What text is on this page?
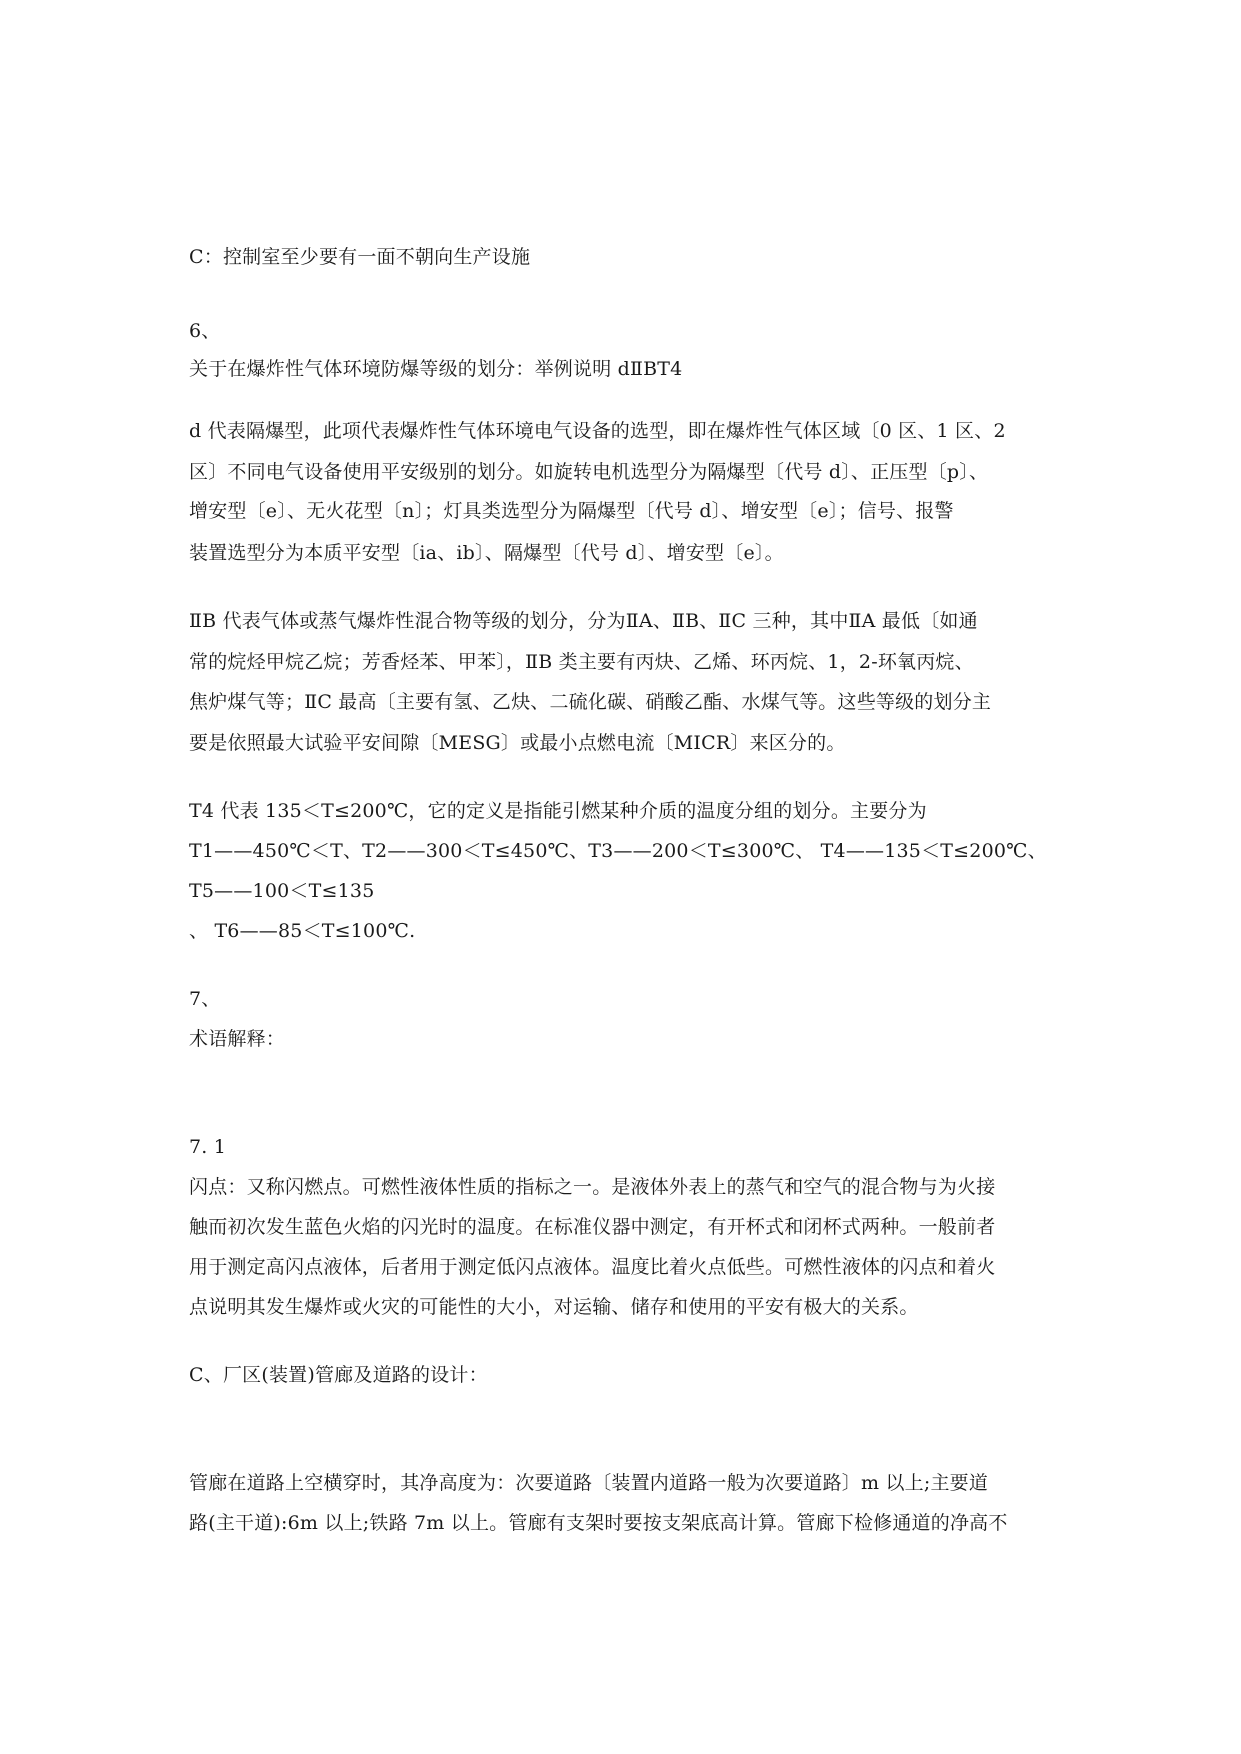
C：控制室至少要有一面不朝向生产设施
6、
关于在爆炸性气体环境防爆等级的划分：举例说明 dⅡBT4
d 代表隔爆型，此项代表爆炸性气体环境电气设备的选型，即在爆炸性气体区域〔0 区、1 区、2
区〕不同电气设备使用平安级别的划分。如旋转电机选型分为隔爆型〔代号 d〕、正压型〔p〕、
增安型〔e〕、无火花型〔n〕；灯具类选型分为隔爆型〔代号 d〕、增安型〔e〕；信号、报警
装置选型分为本质平安型〔ia、ib〕、隔爆型〔代号 d〕、增安型〔e〕。
ⅡB 代表气体或蒸气爆炸性混合物等级的划分，分为ⅡA、ⅡB、ⅡC 三种，其中ⅡA 最低〔如通
常的烷烃甲烷乙烷；芳香烃苯、甲苯〕，ⅡB 类主要有丙炔、乙烯、环丙烷、1，2-环氧丙烷、
焦炉煤气等；ⅡC 最高〔主要有氢、乙炔、二硫化碳、硝酸乙酯、水煤气等。这些等级的划分主
要是依照最大试验平安间隙〔MESG〕或最小点燃电流〔MICR〕来区分的。
T4 代表 135＜T≤200℃，它的定义是指能引燃某种介质的温度分组的划分。主要分为
T1——450℃＜T、T2——300＜T≤450℃、T3——200＜T≤300℃、 T4——135＜T≤200℃、
T5——100＜T≤135
、 T6——85＜T≤100℃.
7、
术语解释：
7. 1
闪点：又称闪燃点。可燃性液体性质的指标之一。是液体外表上的蒸气和空气的混合物与为火接
触而初次发生蓝色火焰的闪光时的温度。在标准仪器中测定，有开杯式和闭杯式两种。一般前者
用于测定高闪点液体，后者用于测定低闪点液体。温度比着火点低些。可燃性液体的闪点和着火
点说明其发生爆炸或火灾的可能性的大小，对运输、储存和使用的平安有极大的关系。
C、厂区(装置)管廊及道路的设计：
管廊在道路上空横穿时，其净高度为：次要道路〔装置内道路一般为次要道路〕m 以上;主要道
路(主干道):6m 以上;铁路 7m 以上。管廊有支架时要按支架底高计算。管廊下检修通道的净高不
